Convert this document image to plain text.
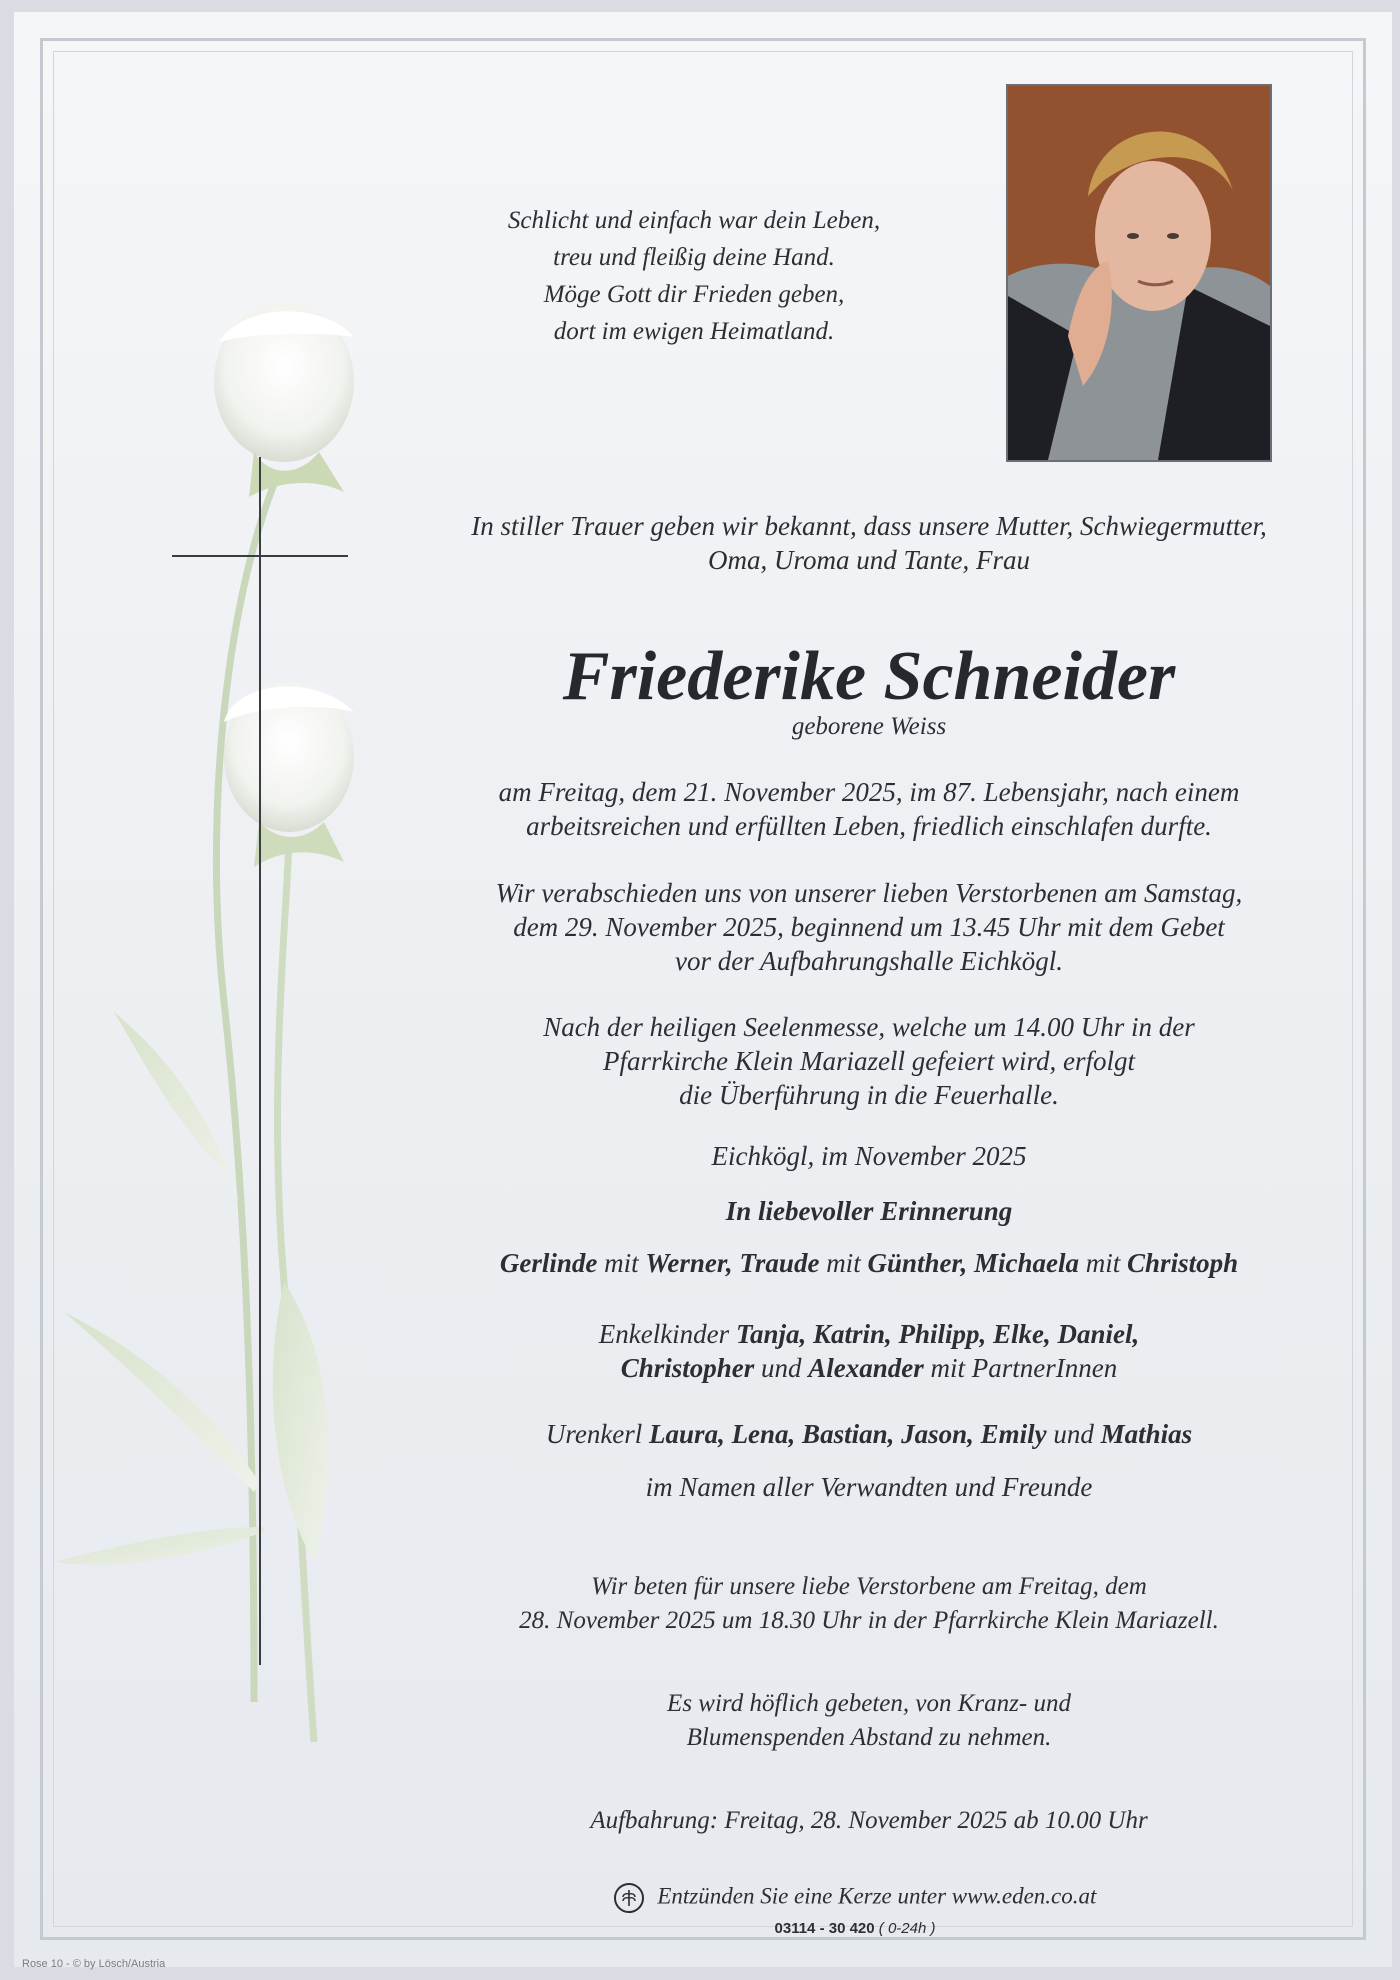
Schlicht und einfach war dein Leben,
treu und fleißig deine Hand.
Möge Gott dir Frieden geben,
dort im ewigen Heimatland.
In stiller Trauer geben wir bekannt, dass unsere Mutter, Schwiegermutter,
Oma, Uroma und Tante, Frau
Friederike Schneider
geborene Weiss
am Freitag, dem 21. November 2025, im 87. Lebensjahr, nach einem
arbeitsreichen und erfüllten Leben, friedlich einschlafen durfte.
Wir verabschieden uns von unserer lieben Verstorbenen am Samstag,
dem 29. November 2025, beginnend um 13.45 Uhr mit dem Gebet
vor der Aufbahrungshalle Eichkögl.
Nach der heiligen Seelenmesse, welche um 14.00 Uhr in der
Pfarrkirche Klein Mariazell gefeiert wird, erfolgt
die Überführung in die Feuerhalle.
Eichkögl, im November 2025
In liebevoller Erinnerung
Gerlinde mit Werner, Traude mit Günther, Michaela mit Christoph
Enkelkinder Tanja, Katrin, Philipp, Elke, Daniel,
Christopher und Alexander mit PartnerInnen
Urenkerl Laura, Lena, Bastian, Jason, Emily und Mathias
im Namen aller Verwandten und Freunde
Wir beten für unsere liebe Verstorbene am Freitag, dem
28. November 2025 um 18.30 Uhr in der Pfarrkirche Klein Mariazell.
Es wird höflich gebeten, von Kranz- und
Blumenspenden Abstand zu nehmen.
Aufbahrung: Freitag, 28. November 2025 ab 10.00 Uhr
Entzünden Sie eine Kerze unter www.eden.co.at
03114 - 30 420 ( 0-24h )
Rose 10 - © by Lösch/Austria
